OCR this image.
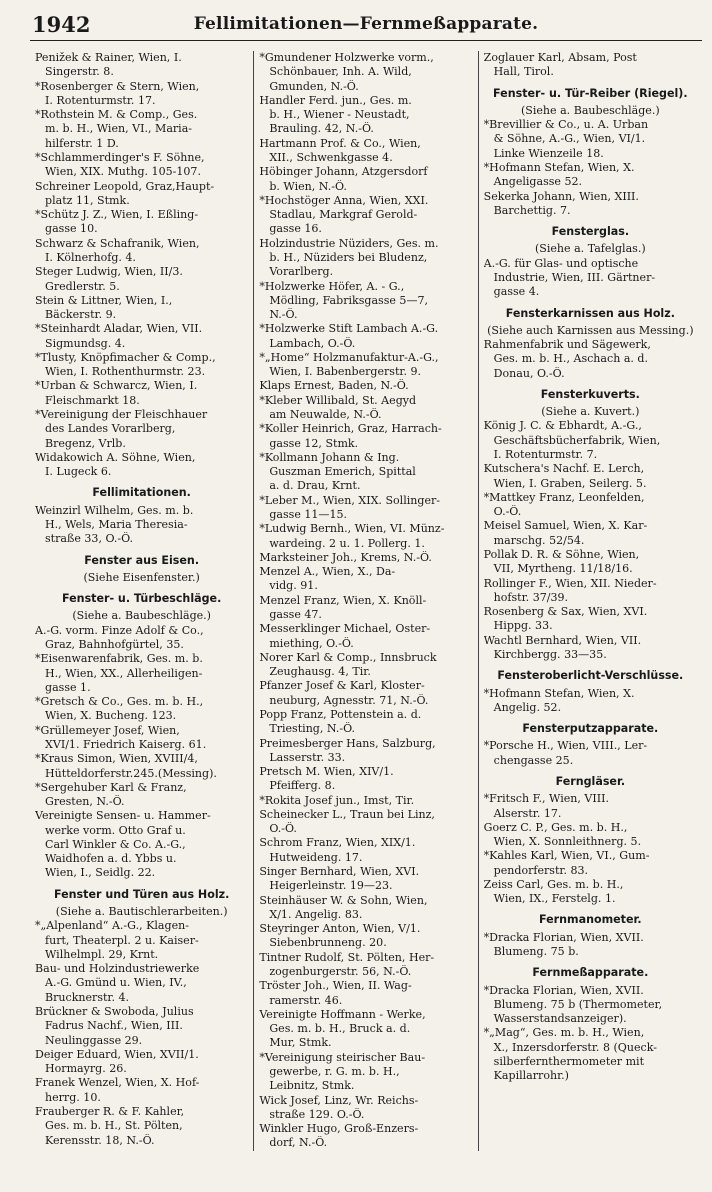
1942	Fellimitationen—Fernmeßapparate.
Penižek & Rainer, Wien, I.
Singerstr. 8.
*Rosenberger & Stern, Wien,
I. Rotenturmstr. 17.
*Rothstein M. & Comp., Ges.
m. b. H., Wien, VI., Maria-
hilferstr. 1 D.
*Schlammerdinger's F. Söhne,
Wien, XIX. Muthg. 105-107.
Schreiner Leopold, Graz,Haupt-
platz 11, Stmk.
*Schütz J. Z., Wien, I. Eßling-
gasse 10.
Schwarz & Schafranik, Wien,
I. Kölnerhofg. 4.
Steger Ludwig, Wien, II/3.
Gredlerstr. 5.
Stein & Littner, Wien, I.,
Bäckerstr. 9.
*Steinhardt Aladar, Wien, VII.
Sigmundsg. 4.
*Tlusty, Knöpfimacher & Comp.,
Wien, I. Rothenthurmstr. 23.
*Urban & Schwarcz, Wien, I.
Fleischmarkt 18.
*Vereinigung der Fleischhauer
des Landes Vorarlberg,
Bregenz, Vrlb.
Widakowich A. Söhne, Wien,
I. Lugeck 6.
Fellimitationen.
Weinzirl Wilhelm, Ges. m. b.
H., Wels, Maria Theresia-
straße 33, O.-Ö.
Fenster aus Eisen.
(Siehe Eisenfenster.)
Fenster- u. Türbeschläge.
(Siehe a. Baubeschläge.)
A.-G. vorm. Finze Adolf & Co.,
Graz, Bahnhofgürtel, 35.
*Eisenwarenfabrik, Ges. m. b.
H., Wien, XX., Allerheiligen-
gasse 1.
*Gretsch & Co., Ges. m. b. H.,
Wien, X. Bucheng. 123.
*Grüllemeyer Josef, Wien,
XVI/1. Friedrich Kaiserg. 61.
*Kraus Simon, Wien, XVIII/4,
Hütteldorferstr.245.(Messing).
*Sergehuber Karl & Franz,
Gresten, N.-Ö.
Vereinigte Sensen- u. Hammer-
werke vorm. Otto Graf u.
Carl Winkler & Co. A.-G.,
Waidhofen a. d. Ybbs u.
Wien, I., Seidlg. 22.
Fenster und Türen aus Holz.
(Siehe a. Bautischlerarbeiten.)
*„Alpenland“ A.-G., Klagen-
furt, Theaterpl. 2 u. Kaiser-
Wilhelmpl. 29, Krnt.
Bau- und Holzindustriewerke
A.-G. Gmünd u. Wien, IV.,
Brucknerstr. 4.
Brückner & Swoboda, Julius
Fadrus Nachf., Wien, III.
Neulinggasse 29.
Deiger Eduard, Wien, XVII/1.
Hormayrg. 26.
Franek Wenzel, Wien, X. Hof-
herrg. 10.
Frauberger R. & F. Kahler,
Ges. m. b. H., St. Pölten,
Kerensstr. 18, N.-Ö.
*Gmundener Holzwerke vorm.,
Schönbauer, Inh. A. Wild,
Gmunden, N.-Ö.
Handler Ferd. jun., Ges. m.
b. H., Wiener - Neustadt,
Brauling. 42, N.-Ö.
Hartmann Prof. & Co., Wien,
XII., Schwenkgasse 4.
Höbinger Johann, Atzgersdorf
b. Wien, N.-Ö.
*Hochstöger Anna, Wien, XXI.
Stadlau, Markgraf Gerold-
gasse 16.
Holzindustrie Nüziders, Ges. m.
b. H., Nüziders bei Bludenz,
Vorarlberg.
*Holzwerke Höfer, A. - G.,
Mödling, Fabriksgasse 5—7,
N.-Ö.
*Holzwerke Stift Lambach A.-G.
Lambach, O.-Ö.
*„Home“ Holzmanufaktur-A.-G.,
Wien, I. Babenbergerstr. 9.
Klaps Ernest, Baden, N.-Ö.
*Kleber Willibald, St. Aegyd
am Neuwalde, N.-Ö.
*Koller Heinrich, Graz, Harrach-
gasse 12, Stmk.
*Kollmann Johann & Ing.
Guszman Emerich, Spittal
a. d. Drau, Krnt.
*Leber M., Wien, XIX. Sollinger-
gasse 11—15.
*Ludwig Bernh., Wien, VI. Münz-
wardeing. 2 u. 1. Pollerg. 1.
Marksteiner Joh., Krems, N.-Ö.
Menzel A., Wien, X., Da-
vidg. 91.
Menzel Franz, Wien, X. Knöll-
gasse 47.
Messerklinger Michael, Oster-
miething, O.-Ö.
Norer Karl & Comp., Innsbruck
Zeughausg. 4, Tir.
Pfanzer Josef & Karl, Kloster-
neuburg, Agnesstr. 71, N.-Ö.
Popp Franz, Pottenstein a. d.
Triesting, N.-Ö.
Preimesberger Hans, Salzburg,
Lasserstr. 33.
Pretsch M. Wien, XIV/1.
Pfeifferg. 8.
*Rokita Josef jun., Imst, Tir.
Scheinecker L., Traun bei Linz,
O.-Ö.
Schrom Franz, Wien, XIX/1.
Hutweideng. 17.
Singer Bernhard, Wien, XVI.
Heigerleinstr. 19—23.
Steinhäuser W. & Sohn, Wien,
X/1. Angelig. 83.
Steyringer Anton, Wien, V/1.
Siebenbrunneng. 20.
Tintner Rudolf, St. Pölten, Her-
zogenburgerstr. 56, N.-Ö.
Tröster Joh., Wien, II. Wag-
ramerstr. 46.
Vereinigte Hoffmann - Werke,
Ges. m. b. H., Bruck a. d.
Mur, Stmk.
*Vereinigung steirischer Bau-
gewerbe, r. G. m. b. H.,
Leibnitz, Stmk.
Wick Josef, Linz, Wr. Reichs-
straße 129. O.-Ö.
Winkler Hugo, Groß-Enzers-
dorf, N.-Ö.
Zoglauer Karl, Absam, Post
Hall, Tirol.
Fenster- u. Tür-Reiber (Riegel).
(Siehe a. Baubeschläge.)
*Brevillier & Co., u. A. Urban
& Söhne, A.-G., Wien, VI/1.
Linke Wienzeile 18.
*Hofmann Stefan, Wien, X.
Angeligasse 52.
Sekerka Johann, Wien, XIII.
Barchettig. 7.
Fensterglas.
(Siehe a. Tafelglas.)
A.-G. für Glas- und optische
Industrie, Wien, III. Gärtner-
gasse 4.
Fensterkarnissen aus Holz.
(Siehe auch Karnissen aus Messing.)
Rahmenfabrik und Sägewerk,
Ges. m. b. H., Aschach a. d.
Donau, O.-Ö.
Fensterkuverts.
(Siehe a. Kuvert.)
König J. C. & Ebhardt, A.-G.,
Geschäftsbücherfabrik, Wien,
I. Rotenturmstr. 7.
Kutschera's Nachf. E. Lerch,
Wien, I. Graben, Seilerg. 5.
*Mattkey Franz, Leonfelden,
O.-Ö.
Meisel Samuel, Wien, X. Kar-
marschg. 52/54.
Pollak D. R. & Söhne, Wien,
VII, Myrtheng. 11/18/16.
Rollinger F., Wien, XII. Nieder-
hofstr. 37/39.
Rosenberg & Sax, Wien, XVI.
Hippg. 33.
Wachtl Bernhard, Wien, VII.
Kirchbergg. 33—35.
Fensteroberlicht-Verschlüsse.
*Hofmann Stefan, Wien, X.
Angelig. 52.
Fensterputzapparate.
*Porsche H., Wien, VIII., Ler-
chengasse 25.
Ferngläser.
*Fritsch F., Wien, VIII.
Alserstr. 17.
Goerz C. P., Ges. m. b. H.,
Wien, X. Sonnleithnerg. 5.
*Kahles Karl, Wien, VI., Gum-
pendorferstr. 83.
Zeiss Carl, Ges. m. b. H.,
Wien, IX., Ferstelg. 1.
Fernmanometer.
*Dracka Florian, Wien, XVII.
Blumeng. 75 b.
Fernmeßapparate.
*Dracka Florian, Wien, XVII.
Blumeng. 75 b (Thermometer,
Wasserstandsanzeiger).
*„Mag“, Ges. m. b. H., Wien,
X., Inzersdorferstr. 8 (Queck-
silberfernthermometer mit
Kapillarrohr.)
